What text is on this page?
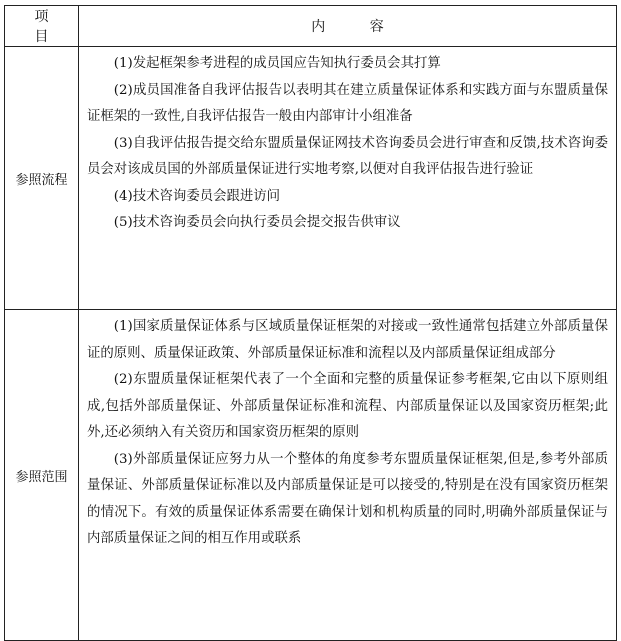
项 目	内 容
参照流程	(1)发起框架参考进程的成员国应告知执行委员会其打算

(2)成员国准备自我评估报告以表明其在建立质量保证体系和实践方面与东盟质量保证框架的一致性,自我评估报告一般由内部审计小组准备

(3)自我评估报告提交给东盟质量保证网技术咨询委员会进行审查和反馈,技术咨询委员会对该成员国的外部质量保证进行实地考察,以便对自我评估报告进行验证

(4)技术咨询委员会跟进访问

(5)技术咨询委员会向执行委员会提交报告供审议

参照范围	(1)国家质量保证体系与区域质量保证框架的对接或一致性通常包括建立外部质量保证的原则、质量保证政策、外部质量保证标准和流程以及内部质量保证组成部分

(2)东盟质量保证框架代表了一个全面和完整的质量保证参考框架,它由以下原则组成,包括外部质量保证、外部质量保证标准和流程、内部质量保证以及国家资历框架;此外,还必须纳入有关资历和国家资历框架的原则

(3)外部质量保证应努力从一个整体的角度参考东盟质量保证框架,但是,参考外部质量保证、外部质量保证标准以及内部质量保证是可以接受的,特别是在没有国家资历框架的情况下。有效的质量保证体系需要在确保计划和机构质量的同时,明确外部质量保证与内部质量保证之间的相互作用或联系
